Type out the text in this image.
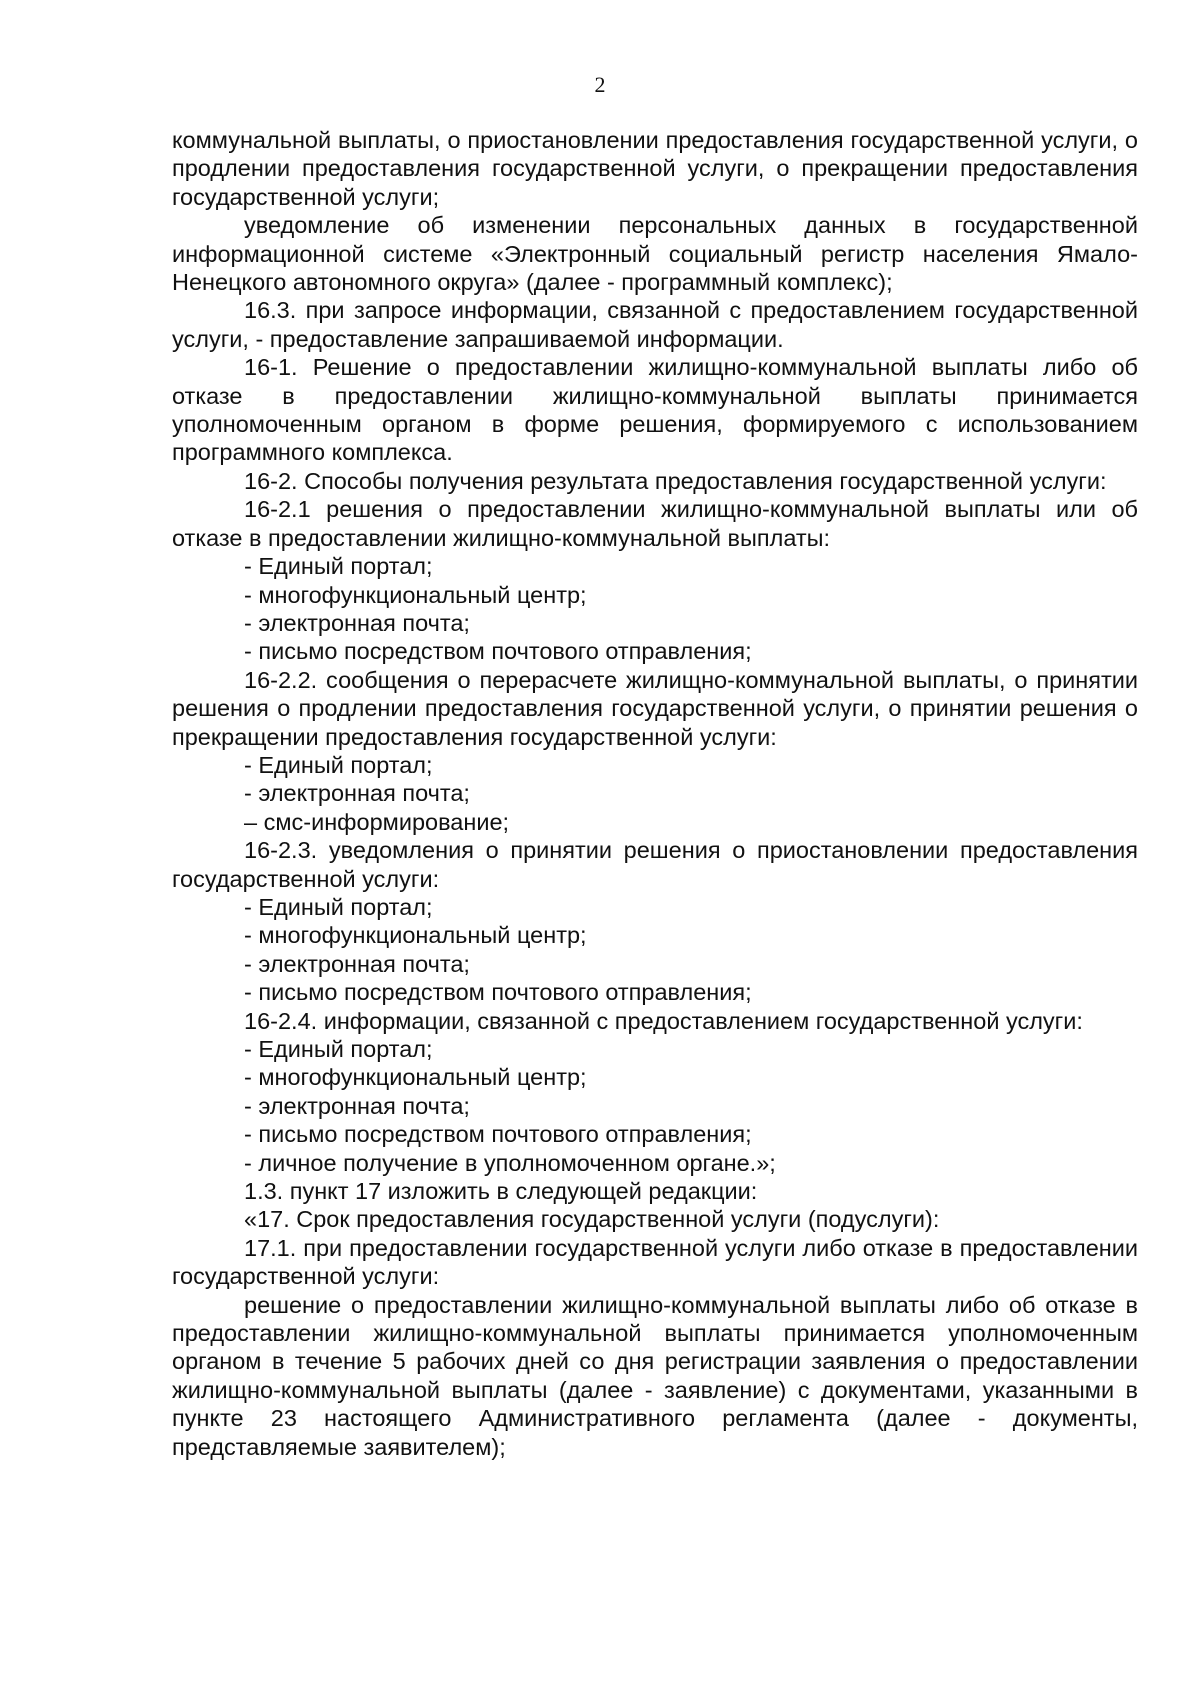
2

коммунальной выплаты, о приостановлении предоставления государственной услуги, о продлении предоставления государственной услуги, о прекращении предоставления государственной услуги;

уведомление об изменении персональных данных в государственной информационной системе «Электронный социальный регистр населения Ямало-Ненецкого автономного округа» (далее - программный комплекс);

16.3. при запросе информации, связанной с предоставлением государственной услуги, - предоставление запрашиваемой информации.

16-1. Решение о предоставлении жилищно-коммунальной выплаты либо об отказе в предоставлении жилищно-коммунальной выплаты принимается уполномоченным органом в форме решения, формируемого с использованием программного комплекса.

16-2. Способы получения результата предоставления государственной услуги:

16-2.1 решения о предоставлении жилищно-коммунальной выплаты или об отказе в предоставлении жилищно-коммунальной выплаты:

- Единый портал;

- многофункциональный центр;

- электронная почта;

- письмо посредством почтового отправления;

16-2.2. сообщения о перерасчете жилищно-коммунальной выплаты, о принятии решения о продлении предоставления государственной услуги, о принятии решения о прекращении предоставления государственной услуги:

- Единый портал;

- электронная почта;

– смс-информирование;

16-2.3. уведомления о принятии решения о приостановлении предоставления государственной услуги:

- Единый портал;

- многофункциональный центр;

- электронная почта;

- письмо посредством почтового отправления;

16-2.4. информации, связанной с предоставлением государственной услуги:

- Единый портал;

- многофункциональный центр;

- электронная почта;

- письмо посредством почтового отправления;

- личное получение в уполномоченном органе.»;

1.3. пункт 17 изложить в следующей редакции:

«17. Срок предоставления государственной услуги (подуслуги):

17.1. при предоставлении государственной услуги либо отказе в предоставлении государственной услуги:

решение о предоставлении жилищно-коммунальной выплаты либо об отказе в предоставлении жилищно-коммунальной выплаты принимается уполномоченным органом в течение 5 рабочих дней со дня регистрации заявления о предоставлении жилищно-коммунальной выплаты (далее - заявление) с документами, указанными в пункте 23 настоящего Административного регламента (далее - документы, представляемые заявителем);
